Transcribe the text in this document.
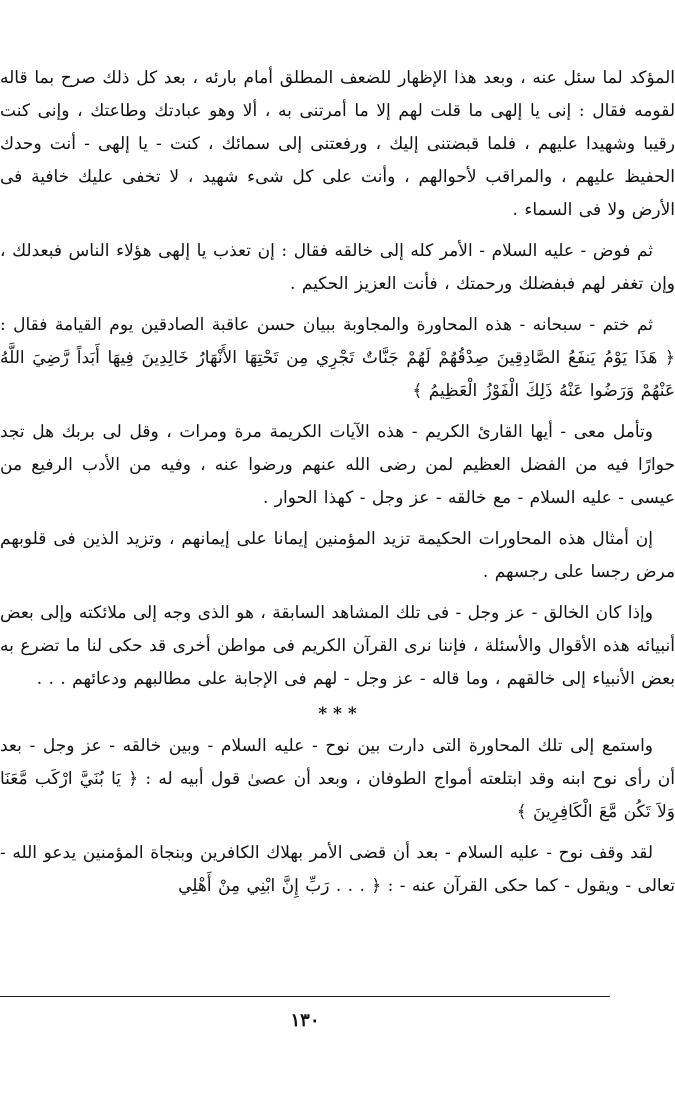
المؤكد لما سئل عنه ، وبعد هذا الإظهار للضعف المطلق أمام بارئه ، بعد كل ذلك صرح بما قاله لقومه فقال : إنى يا إلهى ما قلت لهم إلا ما أمرتنى به ، ألا وهو عبادتك وطاعتك ، وإنى كنت رقيبا وشهيدا عليهم ، فلما قبضتنى إليك ، ورفعتنى إلى سمائك ، كنت - يا إلهى - أنت وحدك الحفيظ عليهم ، والمراقب لأحوالهم ، وأنت على كل شىء شهيد ، لا تخفى عليك خافية فى الأرض ولا فى السماء .

ثم فوض - عليه السلام - الأمر كله إلى خالقه فقال : إن تعذب يا إلهى هؤلاء الناس فبعدلك ، وإن تغفر لهم فبفضلك ورحمتك ، فأنت العزيز الحكيم .

ثم ختم - سبحانه - هذه المحاورة والمجاوبة ببيان حسن عاقبة الصادقين يوم القيامة فقال : ﴿ هَذَا يَوْمُ يَنفَعُ الصَّادِقِينَ صِدْقُهُمْ لَهُمْ جَنَّاتٌ تَجْرِي مِن تَحْتِهَا الأَنْهَارُ خَالِدِينَ فِيهَا أَبَداً رَّضِيَ اللَّهُ عَنْهُمْ وَرَضُوا عَنْهُ ذَلِكَ الْفَوْزُ الْعَظِيمُ ﴾

وتأمل معى - أيها القارئ الكريم - هذه الآيات الكريمة مرة ومرات ، وقل لى بربك هل تجد حوارًا فيه من الفضل العظيم لمن رضى الله عنهم ورضوا عنه ، وفيه من الأدب الرفيع من عيسى - عليه السلام - مع خالقه - عز وجل - كهذا الحوار .

إن أمثال هذه المحاورات الحكيمة تزيد المؤمنين إيمانا على إيمانهم ، وتزيد الذين فى قلوبهم مرض رجسا على رجسهم .

وإذا كان الخالق - عز وجل - فى تلك المشاهد السابقة ، هو الذى وجه إلى ملائكته وإلى بعض أنبيائه هذه الأقوال والأسئلة ، فإننا نرى القرآن الكريم فى مواطن أخرى قد حكى لنا ما تضرع به بعض الأنبياء إلى خالقهم ، وما قاله - عز وجل - لهم فى الإجابة على مطالبهم ودعائهم . . .

* * *

واستمع إلى تلك المحاورة التى دارت بين نوح - عليه السلام - وبين خالقه - عز وجل - بعد أن رأى نوح ابنه وقد ابتلعته أمواج الطوفان ، وبعد أن عصىٰ قول أبيه له : ﴿ يَا بُنَيَّ ارْكَب مَّعَنَا وَلاَ تَكُن مَّعَ الْكَافِرِينَ ﴾

لقد وقف نوح - عليه السلام - بعد أن قضى الأمر بهلاك الكافرين وبنجاة المؤمنين يدعو الله - تعالى - ويقول - كما حكى القرآن عنه - : ﴿ . . . رَبِّ إِنَّ ابْنِي مِنْ أَهْلِي

١٣٠
